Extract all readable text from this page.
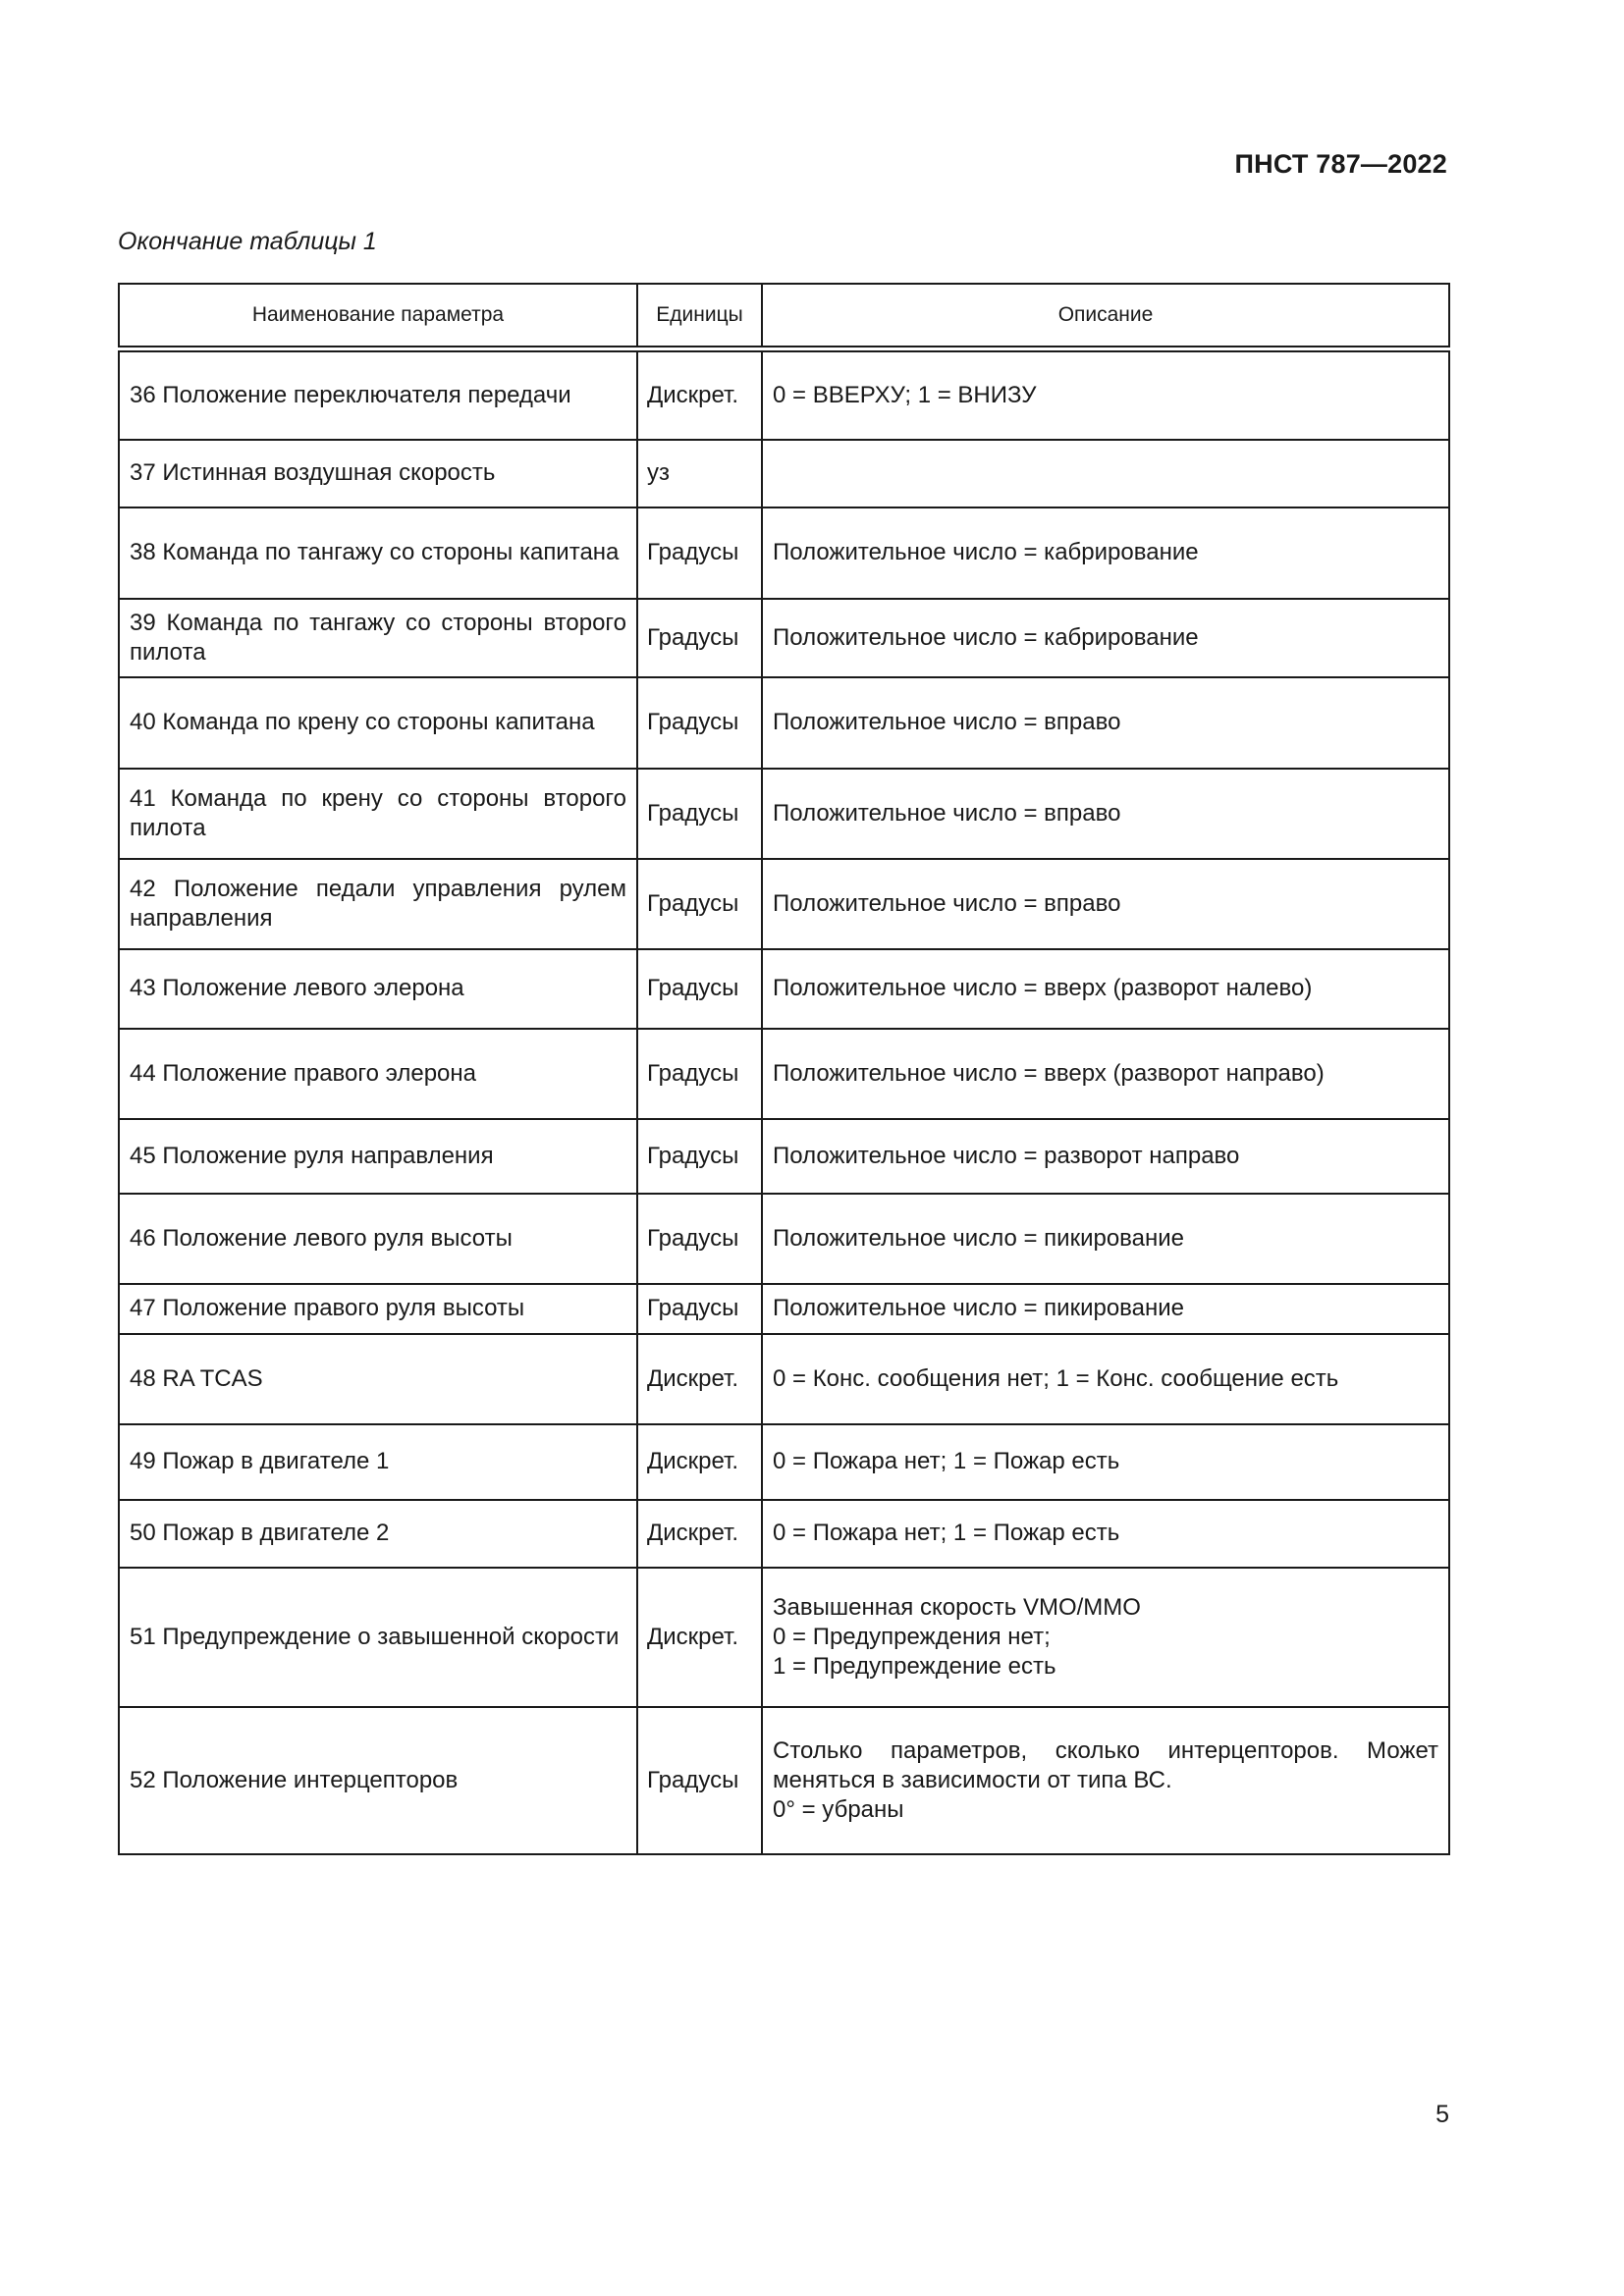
ПНСТ 787—2022
Окончание таблицы 1
Наименование параметра	Единицы	Описание
36 Положение переключателя передачи	Дискрет.	0 = ВВЕРХУ; 1 = ВНИЗУ

37 Истинная воздушная скорость	уз	

38 Команда по тангажу со стороны капитана	Градусы	Положительное число = кабрирование

39 Команда по тангажу со стороны второго пилота	Градусы	Положительное число = кабрирование

40 Команда по крену со стороны капитана	Градусы	Положительное число = вправо

41 Команда по крену со стороны второго пилота	Градусы	Положительное число = вправо

42 Положение педали управления рулем направления	Градусы	Положительное число = вправо

43 Положение левого элерона	Градусы	Положительное число = вверх (разворот налево)

44 Положение правого элерона	Градусы	Положительное число = вверх (разворот направо)

45 Положение руля направления	Градусы	Положительное число = разворот направо

46 Положение левого руля высоты	Градусы	Положительное число = пикирование

47 Положение правого руля высоты	Градусы	Положительное число = пикирование

48 RA TCAS	Дискрет.	0 = Конс. сообщения нет; 1 = Конс. сообщение есть

49 Пожар в двигателе 1	Дискрет.	0 = Пожара нет; 1 = Пожар есть

50 Пожар в двигателе 2	Дискрет.	0 = Пожара нет; 1 = Пожар есть

51 Предупреждение о завышенной скорости	Дискрет.	Завышенная скорость VMO/MMO
0 = Предупреждения нет;
1 = Предупреждение есть

52 Положение интерцепторов	Градусы	Столько параметров, сколько интерцепторов. Может меняться в зависимости от типа ВС.
0° = убраны
5
